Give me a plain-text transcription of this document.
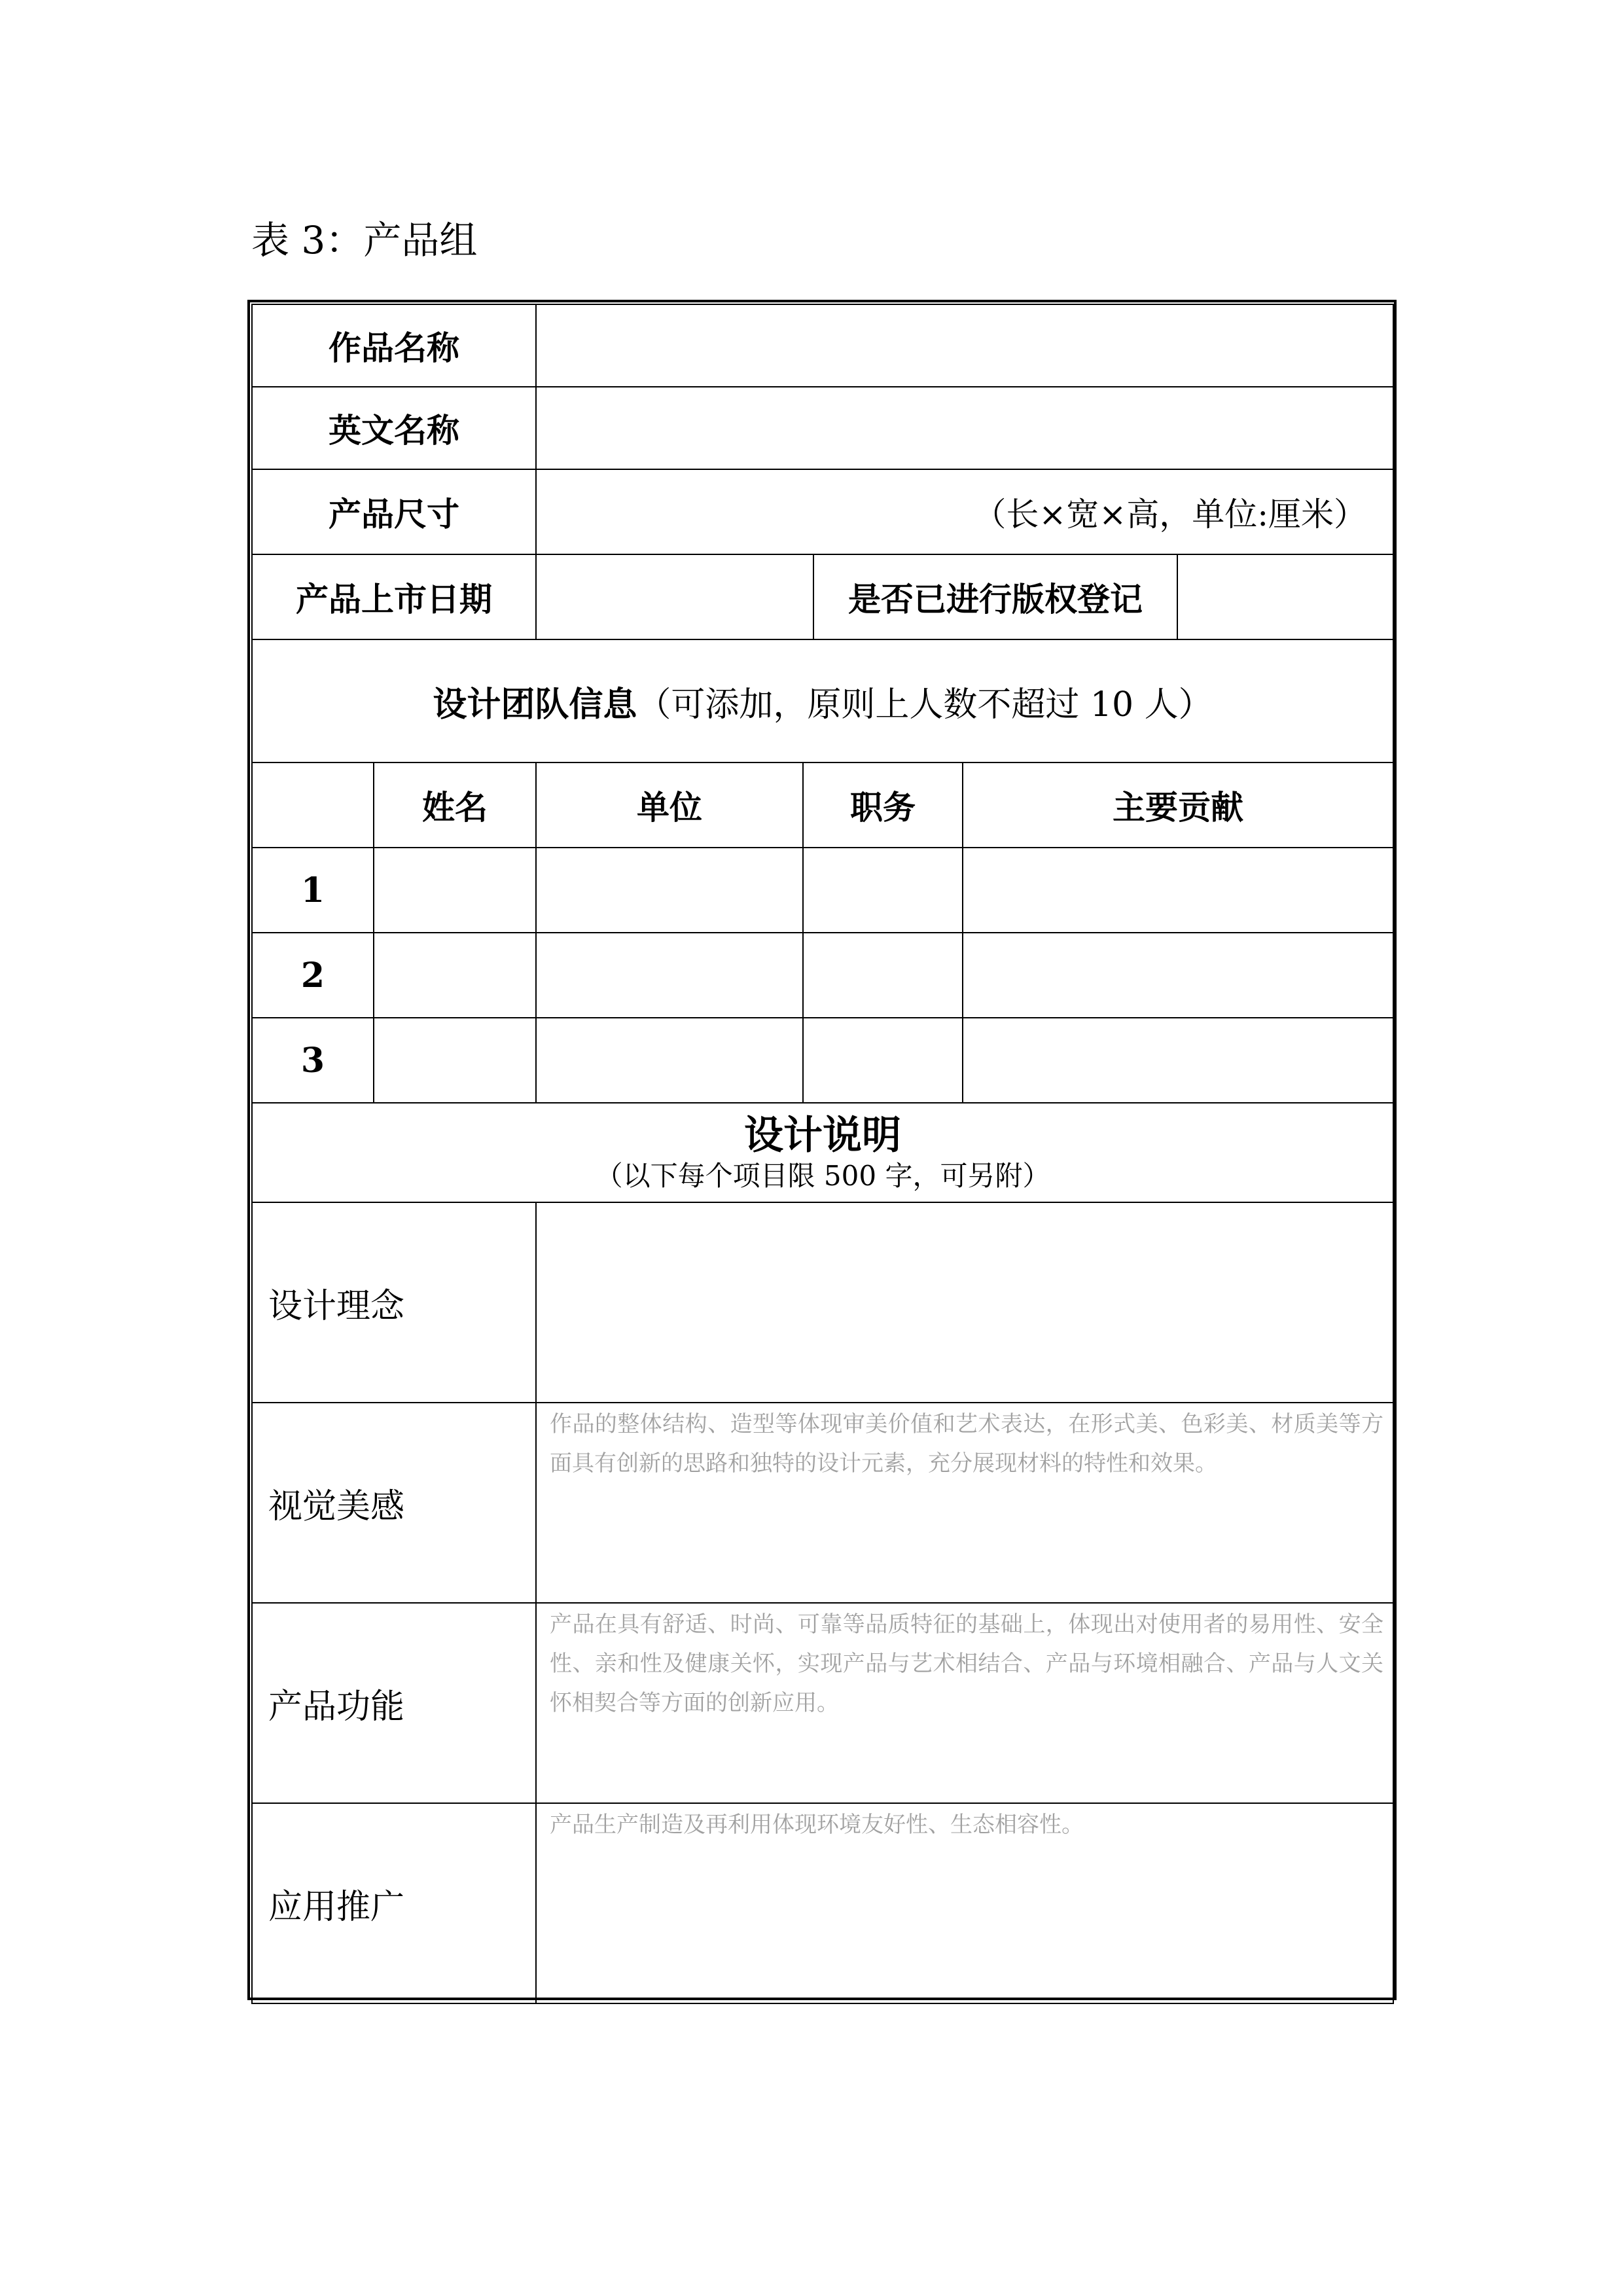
表 3：产品组
作品名称						
英文名称						
产品尺寸		（长×宽×高，单位:厘米）				
产品上市日期				是否已进行版权登记		
设计团队信息（可添加，原则上人数不超过 10 人）						
	姓名	单位	职务		主要贡献	
1						
2						
3						

设计说明
（以下每个项目限 500 字，可另附）						

设计理念						
视觉美感		作品的整体结构、造型等体现审美价值和艺术表达，在形式美、色彩美、材质美等方面具有创新的思路和独特的设计元素，充分展现材料的特性和效果。				
产品功能		产品在具有舒适、时尚、可靠等品质特征的基础上，体现出对使用者的易用性、安全性、亲和性及健康关怀，实现产品与艺术相结合、产品与环境相融合、产品与人文关怀相契合等方面的创新应用。				
应用推广		产品生产制造及再利用体现环境友好性、生态相容性。				
